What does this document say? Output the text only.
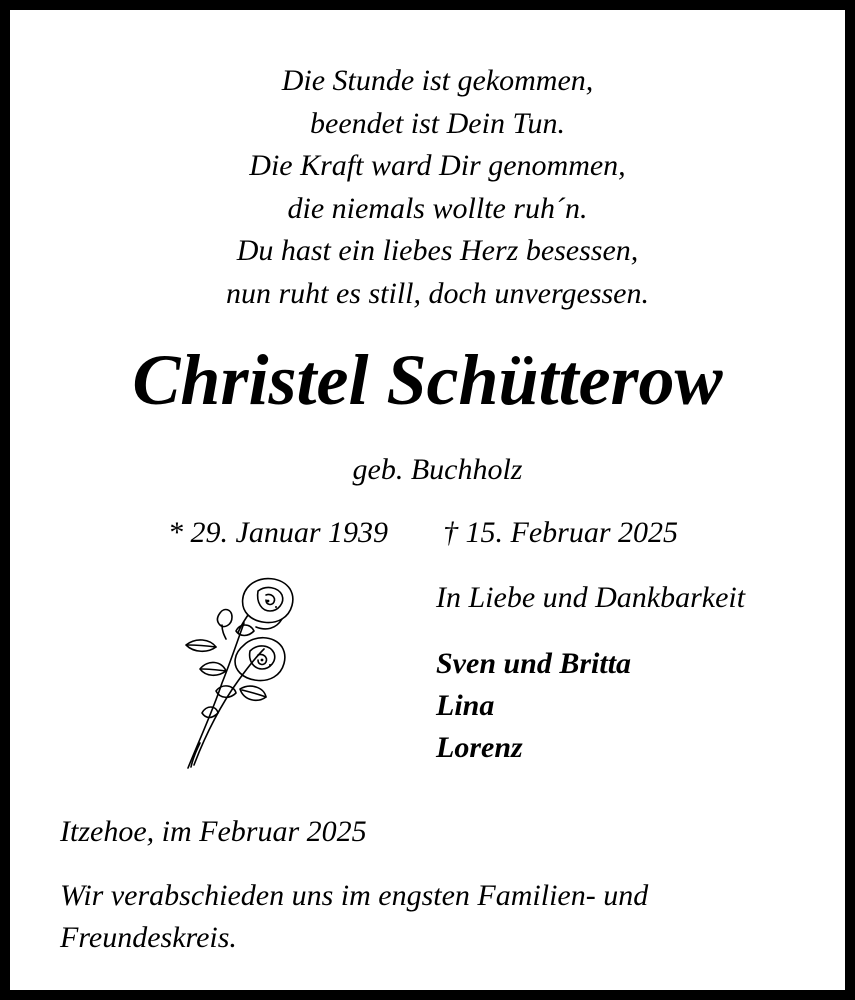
Die Stunde ist gekommen,
beendet ist Dein Tun.
Die Kraft ward Dir genommen,
die niemals wollte ruh´n.
Du hast ein liebes Herz besessen,
nun ruht es still, doch unvergessen.
Christel Schütterow
geb. Buchholz
* 29. Januar 1939 † 15. Februar 2025
In Liebe und Dankbarkeit
Sven und Britta
Lina
Lorenz
Itzehoe, im Februar 2025
Wir verabschieden uns im engsten Familien- und
Freundeskreis.
